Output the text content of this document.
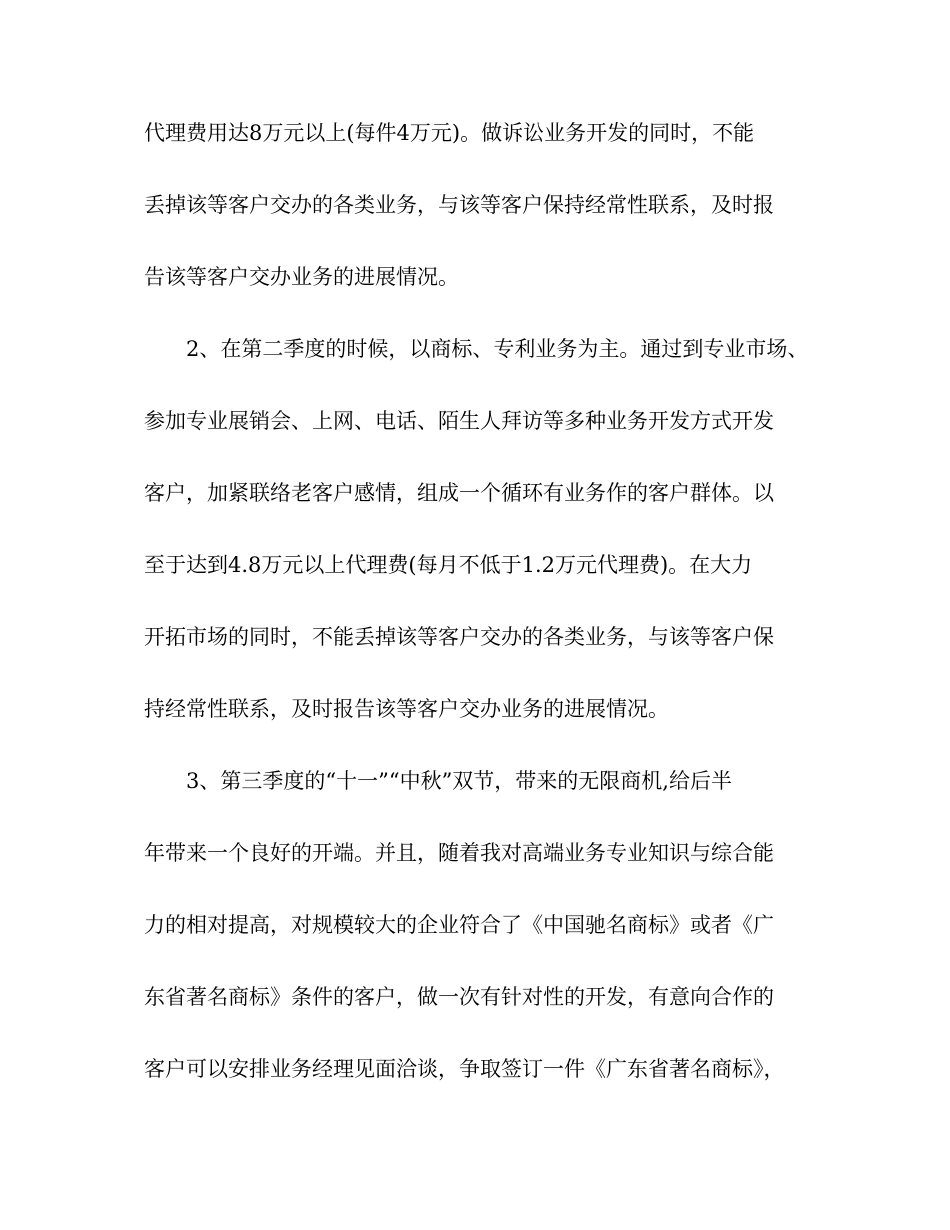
代理费用达8万元以上(每件4万元)。做诉讼业务开发的同时，不能
丢掉该等客户交办的各类业务，与该等客户保持经常性联系，及时报
告该等客户交办业务的进展情况。
2、在第二季度的时候，以商标、专利业务为主。通过到专业市场、
参加专业展销会、上网、电话、陌生人拜访等多种业务开发方式开发
客户，加紧联络老客户感情，组成一个循环有业务作的客户群体。以
至于达到4.8万元以上代理费(每月不低于1.2万元代理费)。在大力
开拓市场的同时，不能丢掉该等客户交办的各类业务，与该等客户保
持经常性联系，及时报告该等客户交办业务的进展情况。
3、第三季度的“十一”“中秋”双节，带来的无限商机,给后半
年带来一个良好的开端。并且，随着我对高端业务专业知识与综合能
力的相对提高，对规模较大的企业符合了《中国驰名商标》或者《广
东省著名商标》条件的客户，做一次有针对性的开发，有意向合作的
客户可以安排业务经理见面洽谈，争取签订一件《广东省著名商标》，
